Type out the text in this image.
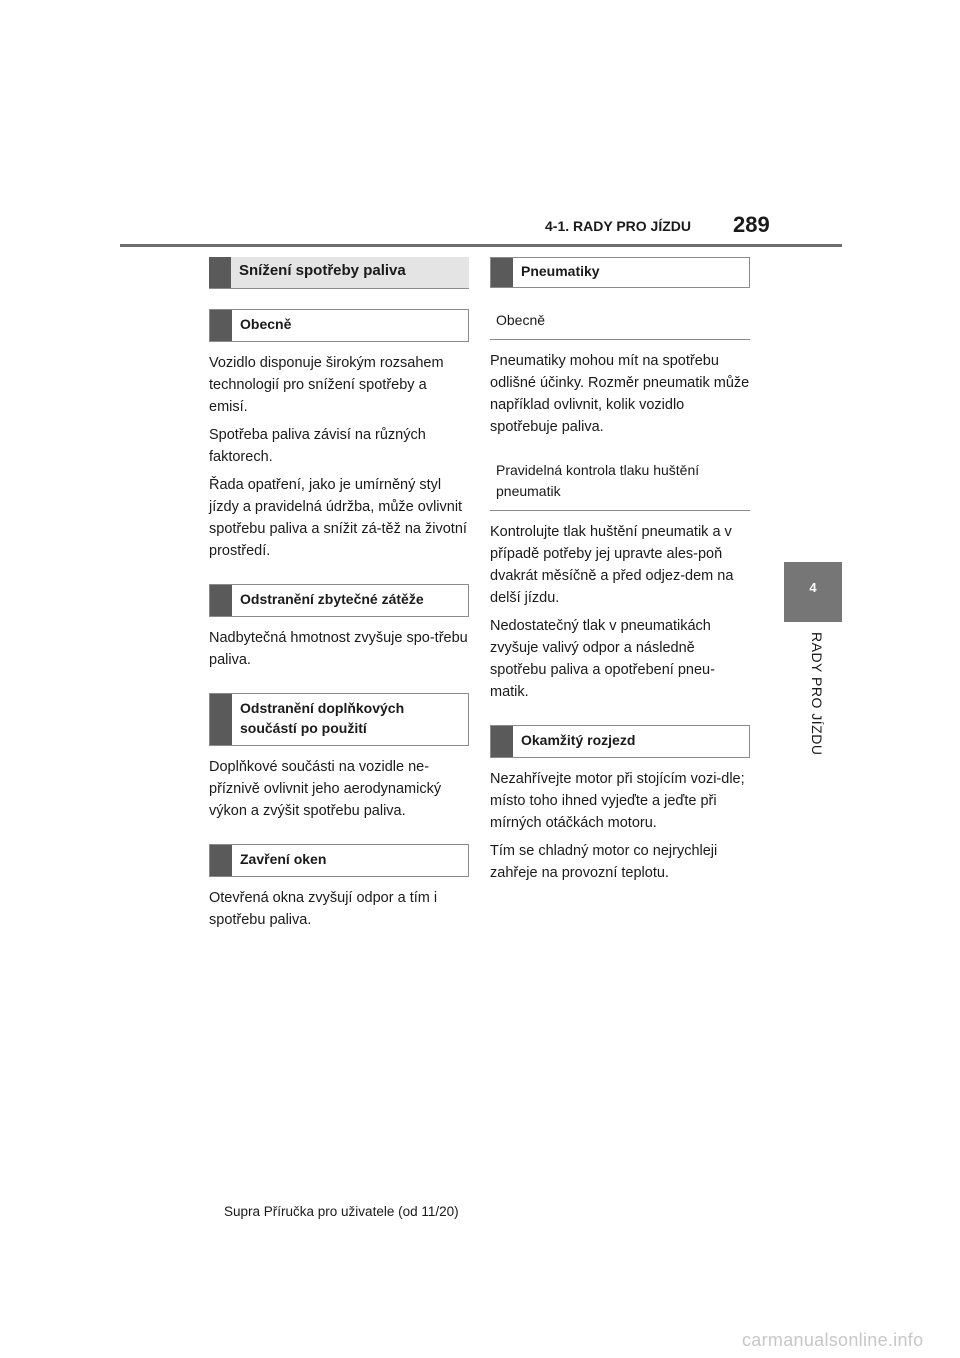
4-1. RADY PRO JÍZDU 289
4
RADY PRO JÍZDU
Snížení spotřeby paliva
Obecně
Vozidlo disponuje širokým rozsahem technologií pro snížení spotřeby a emisí.
Spotřeba paliva závisí na různých faktorech.
Řada opatření, jako je umírněný styl jízdy a pravidelná údržba, může ovlivnit spotřebu paliva a snížit zá-těž na životní prostředí.
Odstranění zbytečné zátěže
Nadbytečná hmotnost zvyšuje spo-třebu paliva.
Odstranění doplňkových součástí po použití
Doplňkové součásti na vozidle ne-příznivě ovlivnit jeho aerodynamický výkon a zvýšit spotřebu paliva.
Zavření oken
Otevřená okna zvyšují odpor a tím i spotřebu paliva.
Pneumatiky
Obecně
Pneumatiky mohou mít na spotřebu odlišné účinky. Rozměr pneumatik může například ovlivnit, kolik vozidlo spotřebuje paliva.
Pravidelná kontrola tlaku huštění pneumatik
Kontrolujte tlak huštění pneumatik a v případě potřeby jej upravte ales-poň dvakrát měsíčně a před odjez-dem na delší jízdu.
Nedostatečný tlak v pneumatikách zvyšuje valivý odpor a následně spotřebu paliva a opotřebení pneu-matik.
Okamžitý rozjezd
Nezahřívejte motor při stojícím vozi-dle; místo toho ihned vyjeďte a jeďte při mírných otáčkách motoru.
Tím se chladný motor co nejrychleji zahřeje na provozní teplotu.
Supra Příručka pro uživatele (od 11/20)
carmanualsonline.info
